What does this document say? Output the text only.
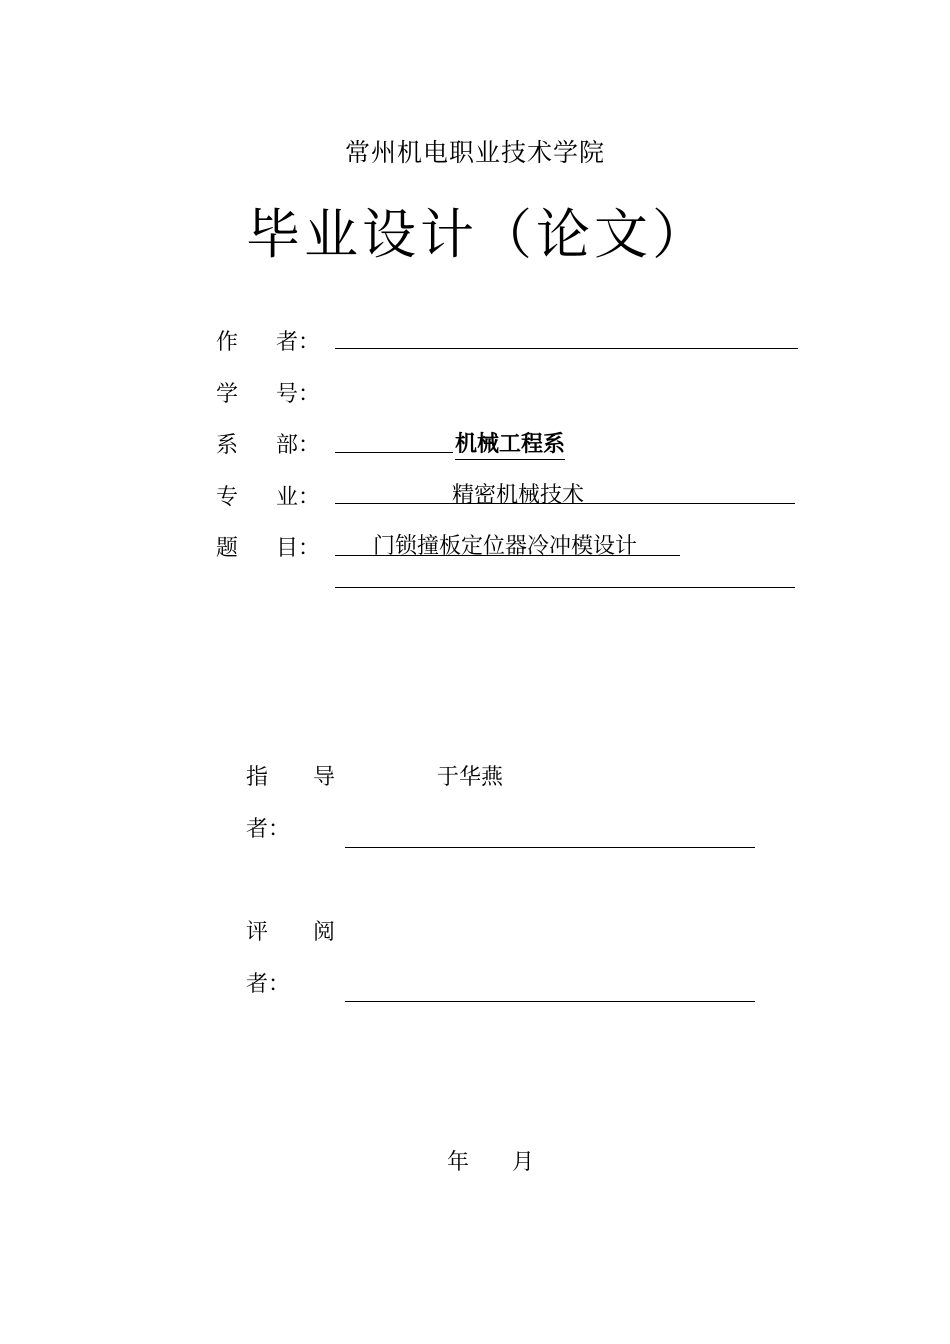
常州机电职业技术学院
毕业设计（论文）
作 者：
学 号：
系 部：	机械工程系
专 业：	精密机械技术
题 目： 门锁撞板定位器冷冲模设计
指 导	于华燕
者：
评 阅
者：
年 月
